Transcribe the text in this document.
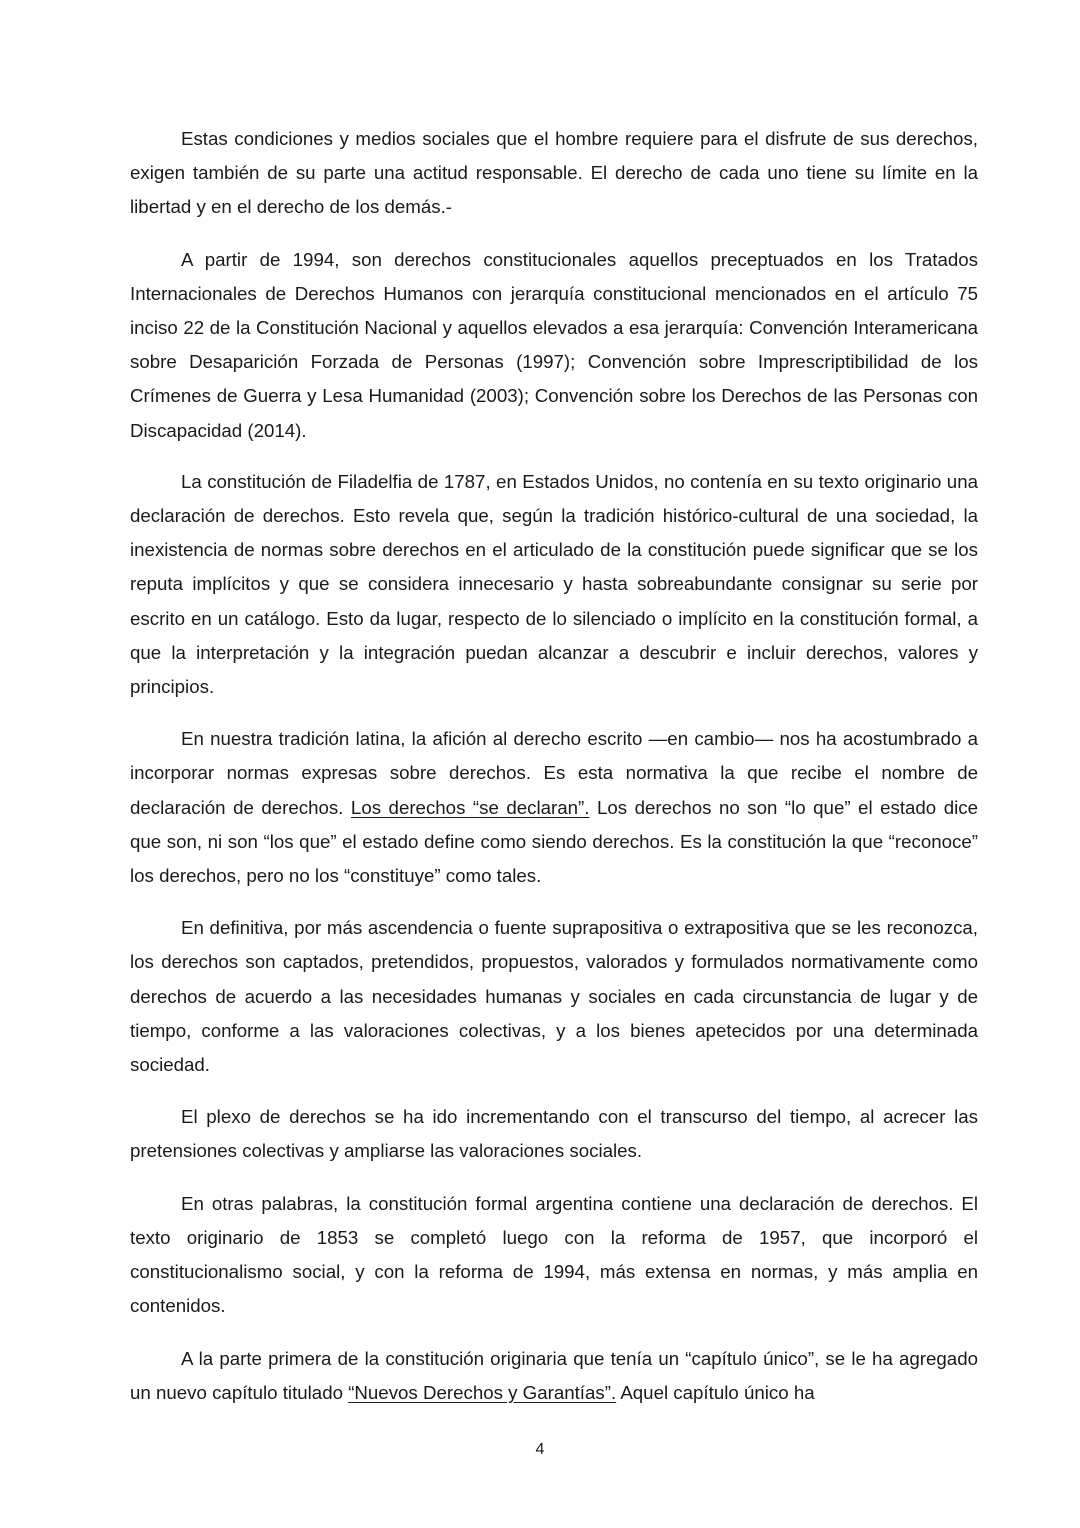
Estas condiciones y medios sociales que el hombre requiere para el disfrute de sus derechos, exigen también de su parte una actitud responsable. El derecho de cada uno tiene su límite en la libertad y en el derecho de los demás.-

A partir de 1994, son derechos constitucionales aquellos preceptuados en los Tratados Internacionales de Derechos Humanos con jerarquía constitucional mencionados en el artículo 75 inciso 22 de la Constitución Nacional y aquellos elevados a esa jerarquía: Convención Interamericana sobre Desaparición Forzada de Personas (1997); Convención sobre Imprescriptibilidad de los Crímenes de Guerra y Lesa Humanidad (2003); Convención sobre los Derechos de las Personas con Discapacidad (2014).

La constitución de Filadelfia de 1787, en Estados Unidos, no contenía en su texto originario una declaración de derechos. Esto revela que, según la tradición histórico-cultural de una sociedad, la inexistencia de normas sobre derechos en el articulado de la constitución puede significar que se los reputa implícitos y que se considera innecesario y hasta sobreabundante consignar su serie por escrito en un catálogo. Esto da lugar, respecto de lo silenciado o implícito en la constitución formal, a que la interpretación y la integración puedan alcanzar a descubrir e incluir derechos, valores y principios.

En nuestra tradición latina, la afición al derecho escrito —en cambio— nos ha acostumbrado a incorporar normas expresas sobre derechos. Es esta normativa la que recibe el nombre de declaración de derechos. Los derechos “se declaran”. Los derechos no son “lo que” el estado dice que son, ni son “los que” el estado define como siendo derechos. Es la constitución la que “reconoce” los derechos, pero no los “constituye” como tales.

En definitiva, por más ascendencia o fuente suprapositiva o extrapositiva que se les reconozca, los derechos son captados, pretendidos, propuestos, valorados y formulados normativamente como derechos de acuerdo a las necesidades humanas y sociales en cada circunstancia de lugar y de tiempo, conforme a las valoraciones colectivas, y a los bienes apetecidos por una determinada sociedad.

El plexo de derechos se ha ido incrementando con el transcurso del tiempo, al acrecer las pretensiones colectivas y ampliarse las valoraciones sociales.

En otras palabras, la constitución formal argentina contiene una declaración de derechos. El texto originario de 1853 se completó luego con la reforma de 1957, que incorporó el constitucionalismo social, y con la reforma de 1994, más extensa en normas, y más amplia en contenidos.

A la parte primera de la constitución originaria que tenía un “capítulo único”, se le ha agregado un nuevo capítulo titulado “Nuevos Derechos y Garantías”. Aquel capítulo único ha

4
